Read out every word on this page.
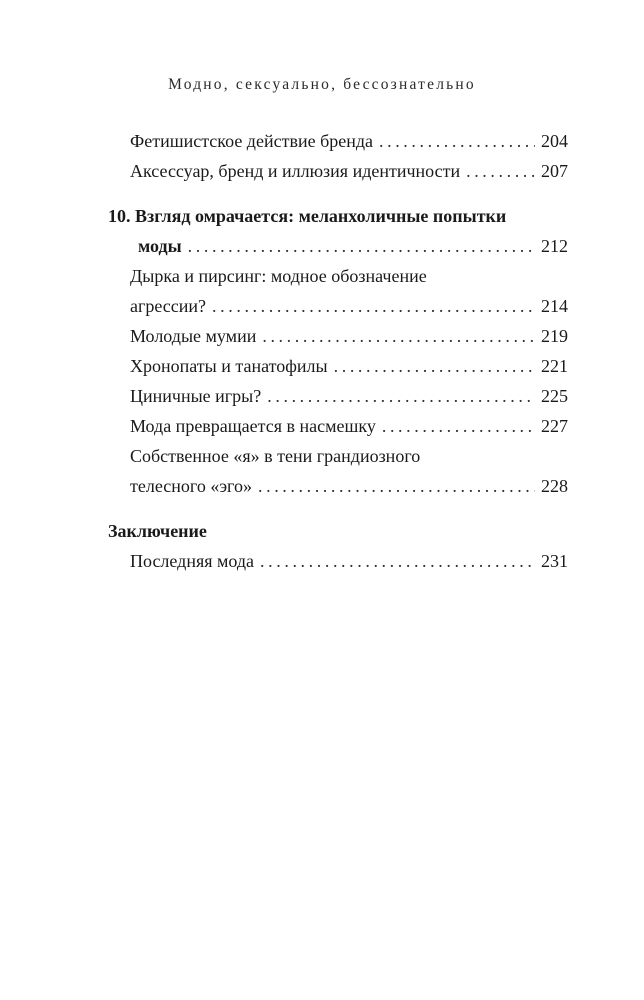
Модно, сексуально, бессознательно
Фетишистское действие бренда .....	204
Аксессуар, бренд и иллюзия идентичности .....	207
10. Взгляд омрачается: меланхоличные попытки
моды .....	212
Дырка и пирсинг: модное обозначение
агрессии? .....	214
Молодые мумии .....	219
Хронопаты и танатофилы .....	221
Циничные игры? .....	225
Мода превращается в насмешку .....	227
Собственное «я» в тени грандиозного
телесного «эго» .....	228
Заключение
Последняя мода .....	231
